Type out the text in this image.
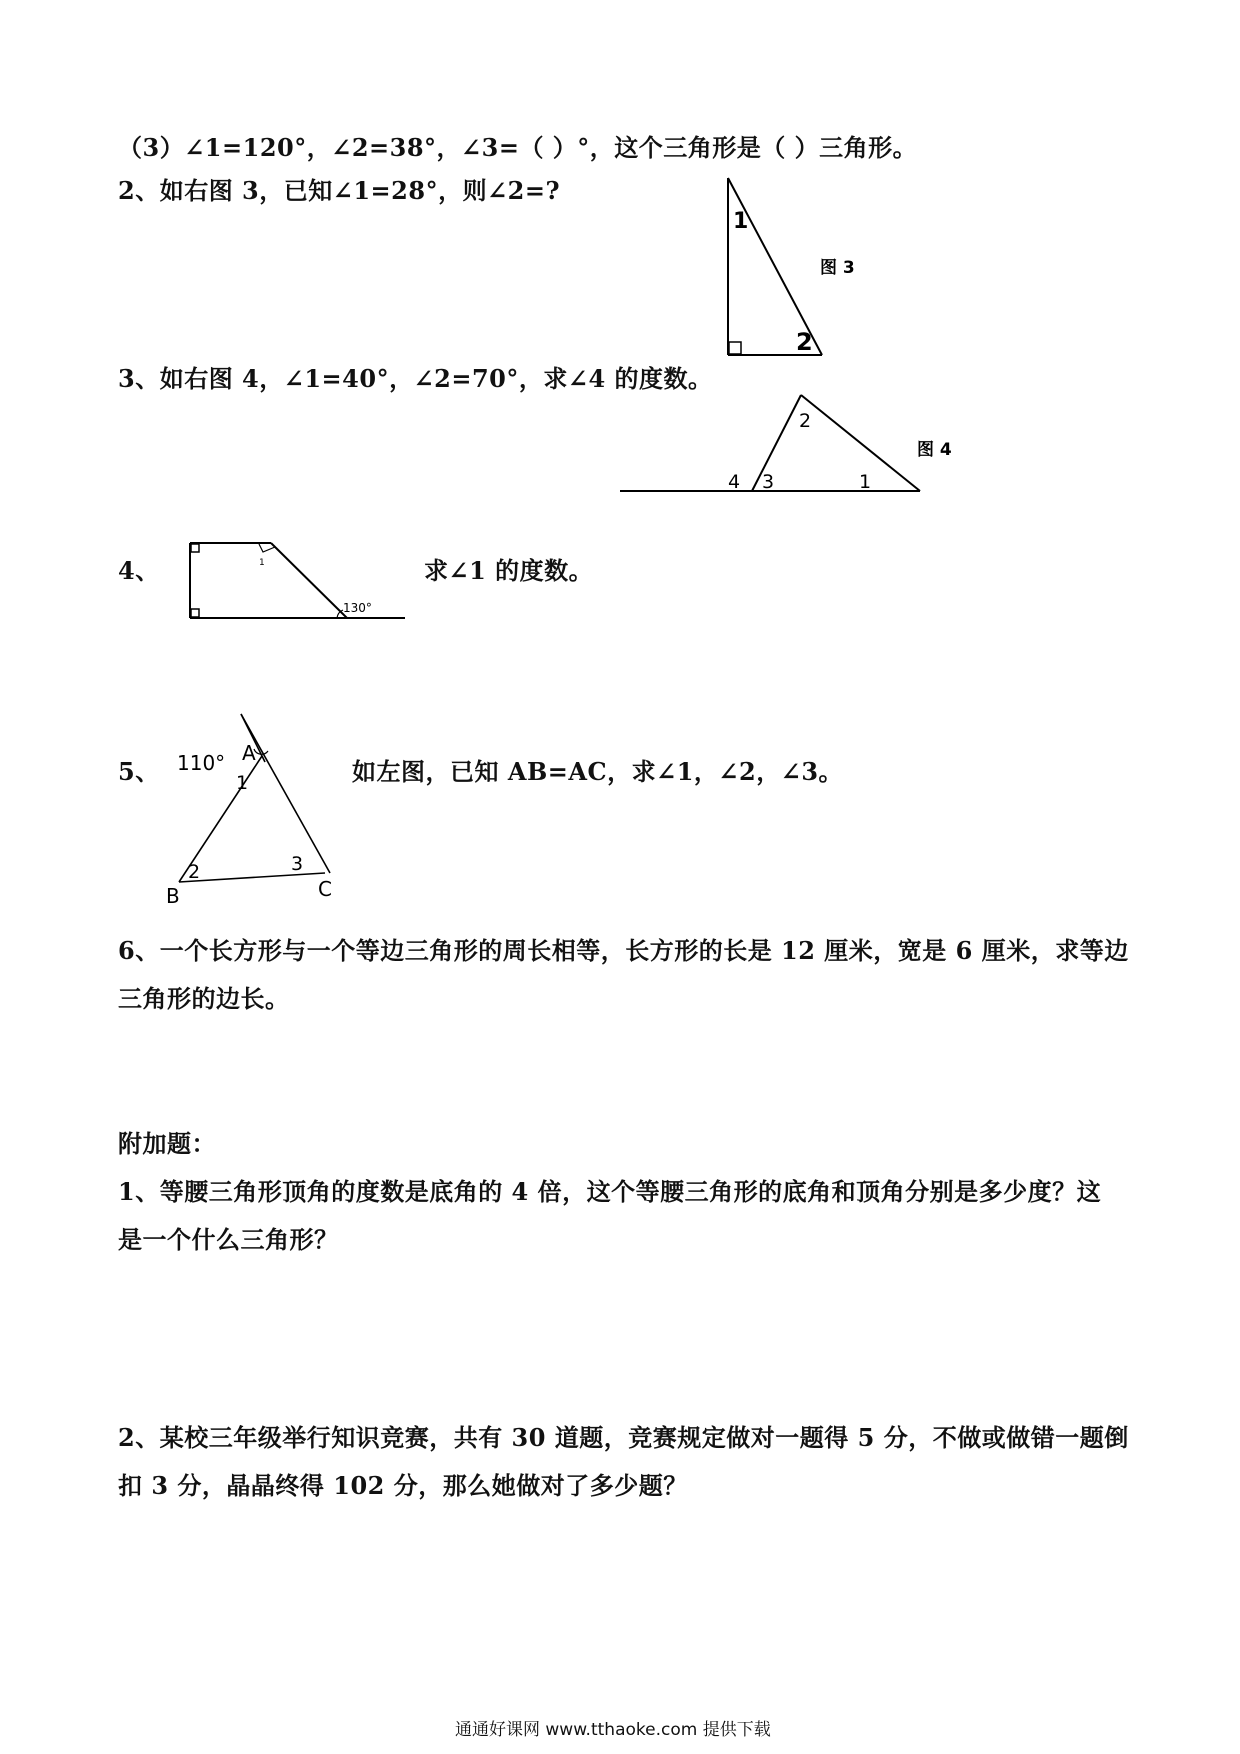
（3）∠1=120°，∠2=38°，∠3=（ ）°，这个三角形是（ ）三角形。
2、如右图 3，已知∠1=28°，则∠2=?
1
2
图 3
3、如右图 4，∠1=40°，∠2=70°，求∠4 的度数。
2
4 3	1
图 4
4、	1
130°
求∠1 的度数。
5、 110° A
1
2	3
B	C
如左图，已知 AB=AC，求∠1，∠2，∠3。
6、一个长方形与一个等边三角形的周长相等，长方形的长是 12 厘米，宽是 6 厘米，求等边
三角形的边长。
附加题：
1、等腰三角形顶角的度数是底角的 4 倍，这个等腰三角形的底角和顶角分别是多少度？这
是一个什么三角形？
2、某校三年级举行知识竞赛，共有 30 道题，竞赛规定做对一题得 5 分，不做或做错一题倒
扣 3 分，晶晶终得 102 分，那么她做对了多少题？
通通好课网 www.tthaoke.com 提供下载
